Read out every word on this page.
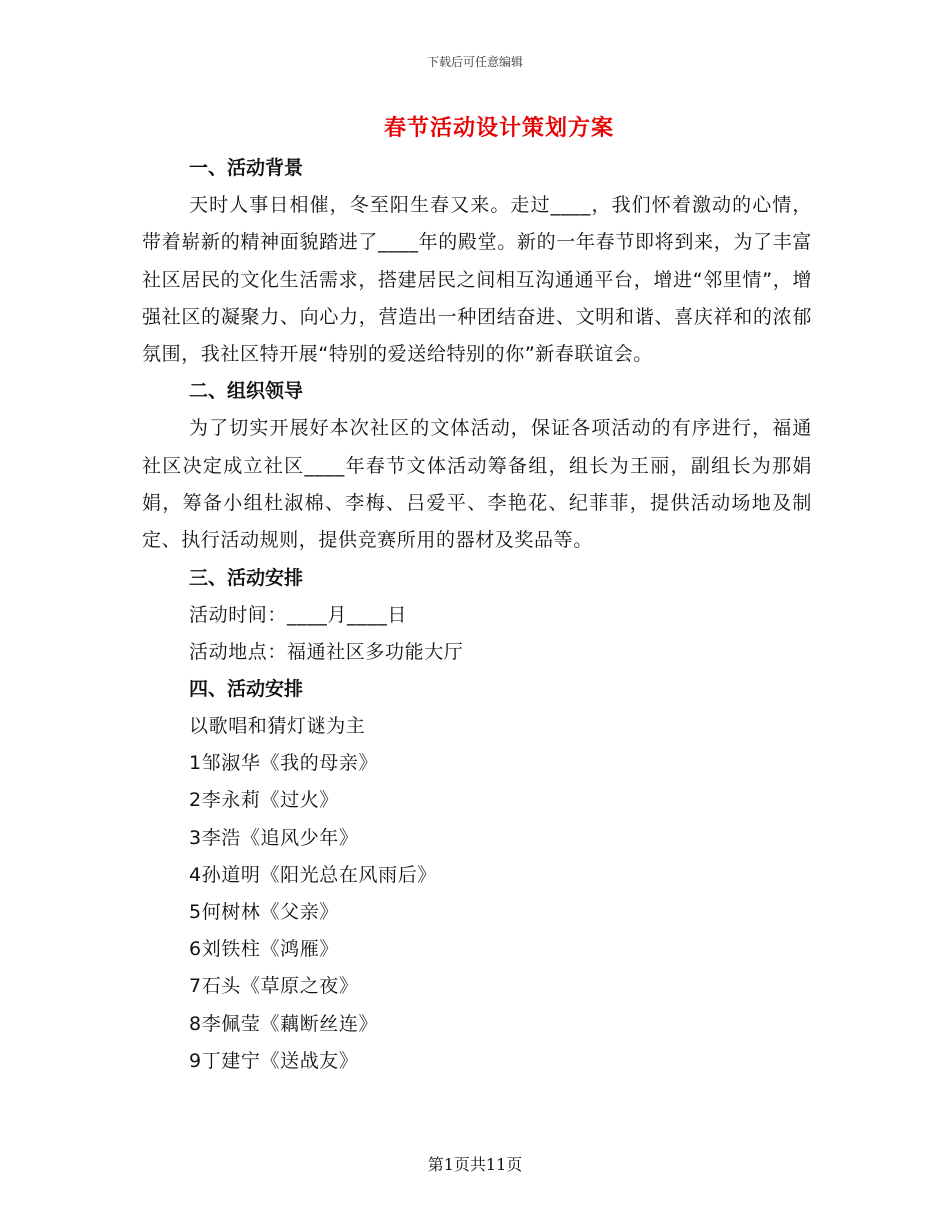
下载后可任意编辑
春节活动设计策划方案
一、活动背景

天时人事日相催，冬至阳生春又来。走过____，我们怀着激动的心情，带着崭新的精神面貌踏进了____年的殿堂。新的一年春节即将到来，为了丰富社区居民的文化生活需求，搭建居民之间相互沟通通平台，增进“邻里情”，增强社区的凝聚力、向心力，营造出一种团结奋进、文明和谐、喜庆祥和的浓郁氛围，我社区特开展“特别的爱送给特别的你”新春联谊会。

二、组织领导

为了切实开展好本次社区的文体活动，保证各项活动的有序进行，福通社区决定成立社区____年春节文体活动筹备组，组长为王丽，副组长为那娟娟，筹备小组杜淑棉、李梅、吕爱平、李艳花、纪菲菲，提供活动场地及制定、执行活动规则，提供竞赛所用的器材及奖品等。

三、活动安排
活动时间：____月____日
活动地点：福通社区多功能大厅
四、活动安排
以歌唱和猜灯谜为主
1邹淑华《我的母亲》
2李永莉《过火》
3李浩《追风少年》
4孙道明《阳光总在风雨后》
5何树林《父亲》
6刘铁柱《鸿雁》
7石头《草原之夜》
8李佩莹《藕断丝连》
9丁建宁《送战友》
第1页共11页
